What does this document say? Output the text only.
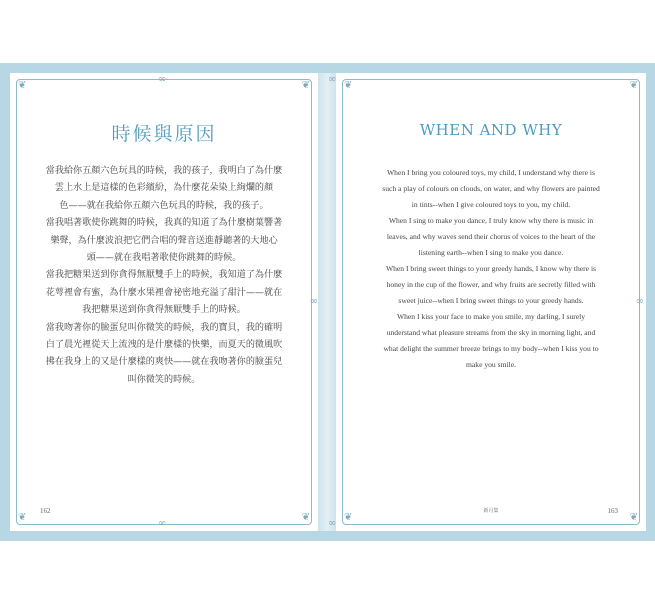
❦	❦
∞
∞
❦	❦
∞
時候與原因
當我給你五顏六色玩具的時候，我的孩子，我明白了為什麼
雲上水上是這樣的色彩繽紛，為什麼花朵染上絢爛的顏
色——就在我給你五顏六色玩具的時候，我的孩子。
當我唱著歌使你跳舞的時候，我真的知道了為什麼樹葉響著
樂聲，為什麼波浪把它們合唱的聲音送進靜聽著的大地心
頭——就在我唱著歌使你跳舞的時候。
當我把糖果送到你貪得無厭雙手上的時候，我知道了為什麼
花萼裡會有蜜，為什麼水果裡會祕密地充溢了甜汁——就在
我把糖果送到你貪得無厭雙手上的時候。
當我吻著你的臉蛋兒叫你微笑的時候，我的寶貝，我的確明
白了晨光裡從天上流洩的是什麼樣的快樂，而夏天的微風吹
拂在我身上的又是什麼樣的爽快——就在我吻著你的臉蛋兒
叫你微笑的時候。
162
❦	❦
∞
∞
❦	❦
∞
WHEN AND WHY
When I bring you coloured toys, my child, I understand why there is
such a play of colours on clouds, on water, and why flowers are painted
in tints--when I give coloured toys to you, my child.
When I sing to make you dance, I truly know why there is music in
leaves, and why waves send their chorus of voices to the heart of the
listening earth--when I sing to make you dance.
When I bring sweet things to your greedy hands, I know why there is
honey in the cup of the flower, and why fruits are secretly filled with
sweet juice--when I bring sweet things to your greedy hands.
When I kiss your face to make you smile, my darling, I surely
understand what pleasure streams from the sky in morning light, and
what delight the summer breeze brings to my body--when I kiss you to
make you smile.
新月集	163
